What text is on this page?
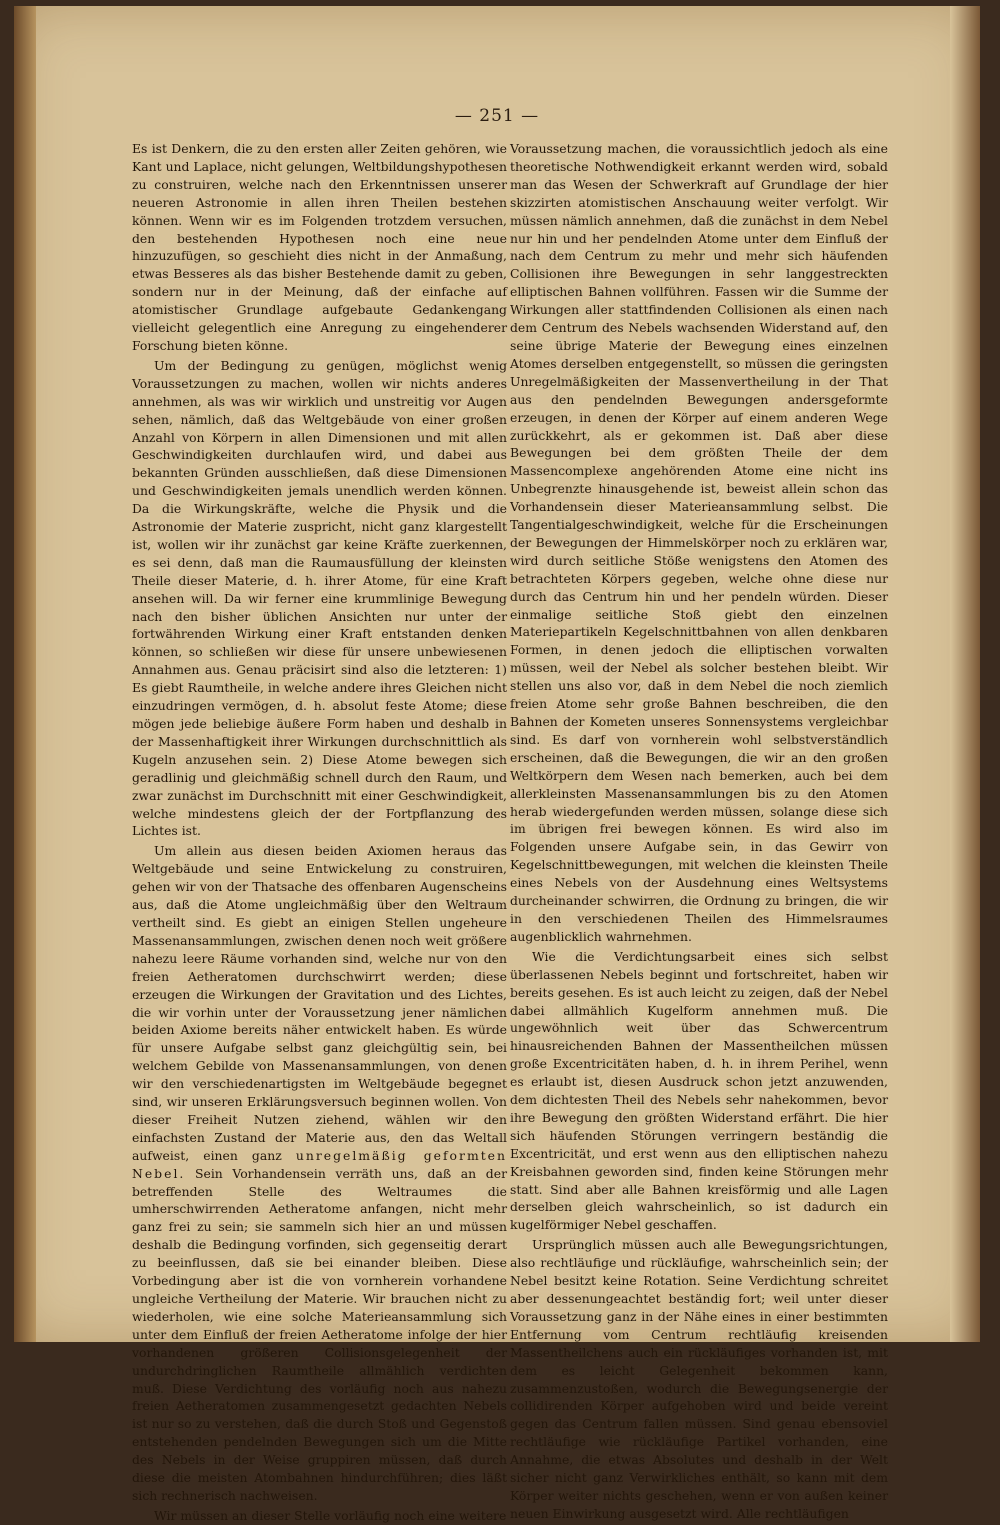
— 251 —

Es ist Denkern, die zu den ersten aller Zeiten gehören, wie Kant und Laplace, nicht gelungen, Weltbildungshypothesen zu construiren, welche nach den Erkenntnissen unserer neueren Astronomie in allen ihren Theilen bestehen können. Wenn wir es im Folgenden trotzdem versuchen, den bestehenden Hypothesen noch eine neue hinzuzufügen, so geschieht dies nicht in der Anmaßung, etwas Besseres als das bisher Bestehende damit zu geben, sondern nur in der Meinung, daß der einfache auf atomistischer Grundlage aufgebaute Gedankengang vielleicht gelegentlich eine Anregung zu eingehenderer Forschung bieten könne.

Um der Bedingung zu genügen, möglichst wenig Voraussetzungen zu machen, wollen wir nichts anderes annehmen, als was wir wirklich und unstreitig vor Augen sehen, nämlich, daß das Weltgebäude von einer großen Anzahl von Körpern in allen Dimensionen und mit allen Geschwindigkeiten durchlaufen wird, und dabei aus bekannten Gründen ausschließen, daß diese Dimensionen und Geschwindigkeiten jemals unendlich werden können. Da die Wirkungskräfte, welche die Physik und die Astronomie der Materie zuspricht, nicht ganz klargestellt ist, wollen wir ihr zunächst gar keine Kräfte zuerkennen, es sei denn, daß man die Raumausfüllung der kleinsten Theile dieser Materie, d. h. ihrer Atome, für eine Kraft ansehen will. Da wir ferner eine krummlinige Bewegung nach den bisher üblichen Ansichten nur unter der fortwährenden Wirkung einer Kraft entstanden denken können, so schließen wir diese für unsere unbewiesenen Annahmen aus. Genau präcisirt sind also die letzteren: 1) Es giebt Raumtheile, in welche andere ihres Gleichen nicht einzudringen vermögen, d. h. absolut feste Atome; diese mögen jede beliebige äußere Form haben und deshalb in der Massenhaftigkeit ihrer Wirkungen durchschnittlich als Kugeln anzusehen sein. 2) Diese Atome bewegen sich geradlinig und gleichmäßig schnell durch den Raum, und zwar zunächst im Durchschnitt mit einer Geschwindigkeit, welche mindestens gleich der der Fortpflanzung des Lichtes ist.

Um allein aus diesen beiden Axiomen heraus das Weltgebäude und seine Entwickelung zu construiren, gehen wir von der Thatsache des offenbaren Augenscheins aus, daß die Atome ungleichmäßig über den Weltraum vertheilt sind. Es giebt an einigen Stellen ungeheure Massenansammlungen, zwischen denen noch weit größere nahezu leere Räume vorhanden sind, welche nur von den freien Aetheratomen durchschwirrt werden; diese erzeugen die Wirkungen der Gravitation und des Lichtes, die wir vorhin unter der Voraussetzung jener nämlichen beiden Axiome bereits näher entwickelt haben. Es würde für unsere Aufgabe selbst ganz gleichgültig sein, bei welchem Gebilde von Massenansammlungen, von denen wir den verschiedenartigsten im Weltgebäude begegnet sind, wir unseren Erklärungsversuch beginnen wollen. Von dieser Freiheit Nutzen ziehend, wählen wir den einfachsten Zustand der Materie aus, den das Weltall aufweist, einen ganz unregelmäßig geformten Nebel. Sein Vorhandensein verräth uns, daß an der betreffenden Stelle des Weltraumes die umherschwirrenden Aetheratome anfangen, nicht mehr ganz frei zu sein; sie sammeln sich hier an und müssen deshalb die Bedingung vorfinden, sich gegenseitig derart zu beeinflussen, daß sie bei einander bleiben. Diese Vorbedingung aber ist die von vornherein vorhandene ungleiche Vertheilung der Materie. Wir brauchen nicht zu wiederholen, wie eine solche Materieansammlung sich unter dem Einfluß der freien Aetheratome infolge der hier vorhandenen größeren Collisionsgelegenheit der undurchdringlichen Raumtheile allmählich verdichten muß. Diese Verdichtung des vorläufig noch aus nahezu freien Aetheratomen zusammengesetzt gedachten Nebels ist nur so zu verstehen, daß die durch Stoß und Gegenstoß entstehenden pendelnden Bewegungen sich um die Mitte des Nebels in der Weise gruppiren müssen, daß durch diese die meisten Atombahnen hindurchführen; dies läßt sich rechnerisch nachweisen.

Wir müssen an dieser Stelle vorläufig noch eine weitere

Voraussetzung machen, die voraussichtlich jedoch als eine theoretische Nothwendigkeit erkannt werden wird, sobald man das Wesen der Schwerkraft auf Grundlage der hier skizzirten atomistischen Anschauung weiter verfolgt. Wir müssen nämlich annehmen, daß die zunächst in dem Nebel nur hin und her pendelnden Atome unter dem Einfluß der nach dem Centrum zu mehr und mehr sich häufenden Collisionen ihre Bewegungen in sehr langgestreckten elliptischen Bahnen vollführen. Fassen wir die Summe der Wirkungen aller stattfindenden Collisionen als einen nach dem Centrum des Nebels wachsenden Widerstand auf, den seine übrige Materie der Bewegung eines einzelnen Atomes derselben entgegenstellt, so müssen die geringsten Unregelmäßigkeiten der Massenvertheilung in der That aus den pendelnden Bewegungen andersgeformte erzeugen, in denen der Körper auf einem anderen Wege zurückkehrt, als er gekommen ist. Daß aber diese Bewegungen bei dem größten Theile der dem Massencomplexe angehörenden Atome eine nicht ins Unbegrenzte hinausgehende ist, beweist allein schon das Vorhandensein dieser Materieansammlung selbst. Die Tangentialgeschwindigkeit, welche für die Erscheinungen der Bewegungen der Himmelskörper noch zu erklären war, wird durch seitliche Stöße wenigstens den Atomen des betrachteten Körpers gegeben, welche ohne diese nur durch das Centrum hin und her pendeln würden. Dieser einmalige seitliche Stoß giebt den einzelnen Materiepartikeln Kegelschnittbahnen von allen denkbaren Formen, in denen jedoch die elliptischen vorwalten müssen, weil der Nebel als solcher bestehen bleibt. Wir stellen uns also vor, daß in dem Nebel die noch ziemlich freien Atome sehr große Bahnen beschreiben, die den Bahnen der Kometen unseres Sonnensystems vergleichbar sind. Es darf von vornherein wohl selbstverständlich erscheinen, daß die Bewegungen, die wir an den großen Weltkörpern dem Wesen nach bemerken, auch bei dem allerkleinsten Massenansammlungen bis zu den Atomen herab wiedergefunden werden müssen, solange diese sich im übrigen frei bewegen können. Es wird also im Folgenden unsere Aufgabe sein, in das Gewirr von Kegelschnittbewegungen, mit welchen die kleinsten Theile eines Nebels von der Ausdehnung eines Weltsystems durcheinander schwirren, die Ordnung zu bringen, die wir in den verschiedenen Theilen des Himmelsraumes augenblicklich wahrnehmen.

Wie die Verdichtungsarbeit eines sich selbst überlassenen Nebels beginnt und fortschreitet, haben wir bereits gesehen. Es ist auch leicht zu zeigen, daß der Nebel dabei allmählich Kugelform annehmen muß. Die ungewöhnlich weit über das Schwercentrum hinausreichenden Bahnen der Massentheilchen müssen große Excentricitäten haben, d. h. in ihrem Perihel, wenn es erlaubt ist, diesen Ausdruck schon jetzt anzuwenden, dem dichtesten Theil des Nebels sehr nahekommen, bevor ihre Bewegung den größten Widerstand erfährt. Die hier sich häufenden Störungen verringern beständig die Excentricität, und erst wenn aus den elliptischen nahezu Kreisbahnen geworden sind, finden keine Störungen mehr statt. Sind aber alle Bahnen kreisförmig und alle Lagen derselben gleich wahrscheinlich, so ist dadurch ein kugelförmiger Nebel geschaffen.

Ursprünglich müssen auch alle Bewegungsrichtungen, also rechtläufige und rückläufige, wahrscheinlich sein; der Nebel besitzt keine Rotation. Seine Verdichtung schreitet aber dessenungeachtet beständig fort; weil unter dieser Voraussetzung ganz in der Nähe eines in einer bestimmten Entfernung vom Centrum rechtläufig kreisenden Massentheilchens auch ein rückläufiges vorhanden ist, mit dem es leicht Gelegenheit bekommen kann, zusammenzustoßen, wodurch die Bewegungsenergie der collidirenden Körper aufgehoben wird und beide vereint gegen das Centrum fallen müssen. Sind genau ebensoviel rechtläufige wie rückläufige Partikel vorhanden, eine Annahme, die etwas Absolutes und deshalb in der Welt sicher nicht ganz Verwirkliches enthält, so kann mit dem Körper weiter nichts geschehen, wenn er von außen keiner neuen Einwirkung ausgesetzt wird. Alle rechtläufigen
